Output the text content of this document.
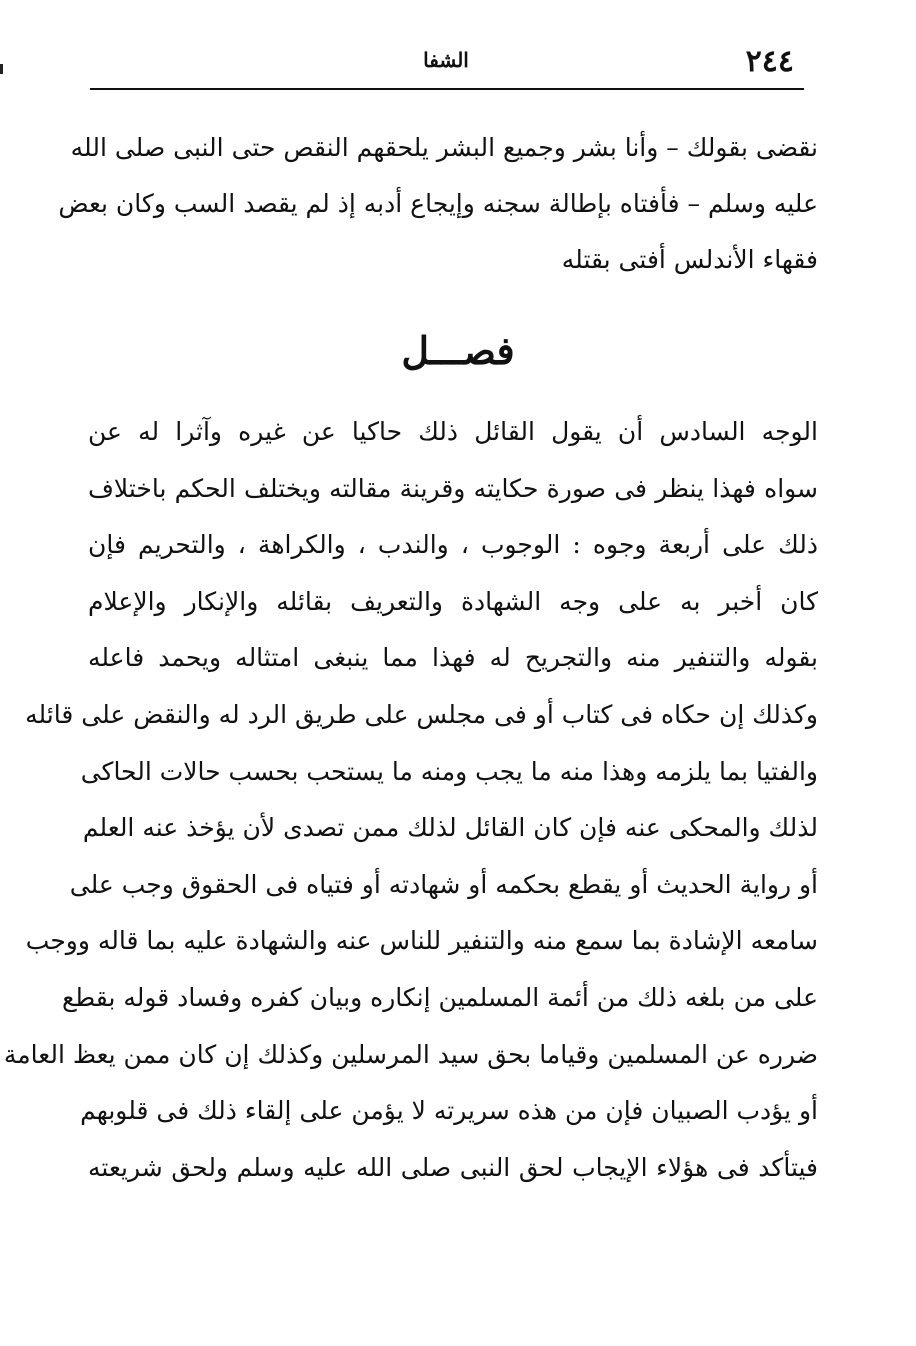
٢٤٤
الشفا
نقضى بقولك – وأنا بشر وجميع البشر يلحقهم النقص حتى النبى صلى الله
عليه وسلم – فأفتاه بإطالة سجنه وإيجاع أدبه إذ لم يقصد السب وكان بعض
فقهاء الأندلس أفتى بقتله
فصـــل
الوجه السادس أن يقول القائل ذلك حاكيا عن غيره وآثرا له عن
سواه فهذا ينظر فى صورة حكايته وقرينة مقالته ويختلف الحكم باختلاف
ذلك على أربعة وجوه : الوجوب ، والندب ، والكراهة ، والتحريم فإن
كان أخبر به على وجه الشهادة والتعريف بقائله والإنكار والإعلام
بقوله والتنفير منه والتجريح له فهذا مما ينبغى امتثاله ويحمد فاعله
وكذلك إن حكاه فى كتاب أو فى مجلس على طريق الرد له والنقض على قائله
والفتيا بما يلزمه وهذا منه ما يجب ومنه ما يستحب بحسب حالات الحاكى
لذلك والمحكى عنه فإن كان القائل لذلك ممن تصدى لأن يؤخذ عنه العلم
أو رواية الحديث أو يقطع بحكمه أو شهادته أو فتياه فى الحقوق وجب على
سامعه الإشادة بما سمع منه والتنفير للناس عنه والشهادة عليه بما قاله ووجب
على من بلغه ذلك من أئمة المسلمين إنكاره وبيان كفره وفساد قوله بقطع
ضرره عن المسلمين وقياما بحق سيد المرسلين وكذلك إن كان ممن يعظ العامة
أو يؤدب الصبيان فإن من هذه سريرته لا يؤمن على إلقاء ذلك فى قلوبهم
فيتأكد فى هؤلاء الإيجاب لحق النبى صلى الله عليه وسلم ولحق شريعته
